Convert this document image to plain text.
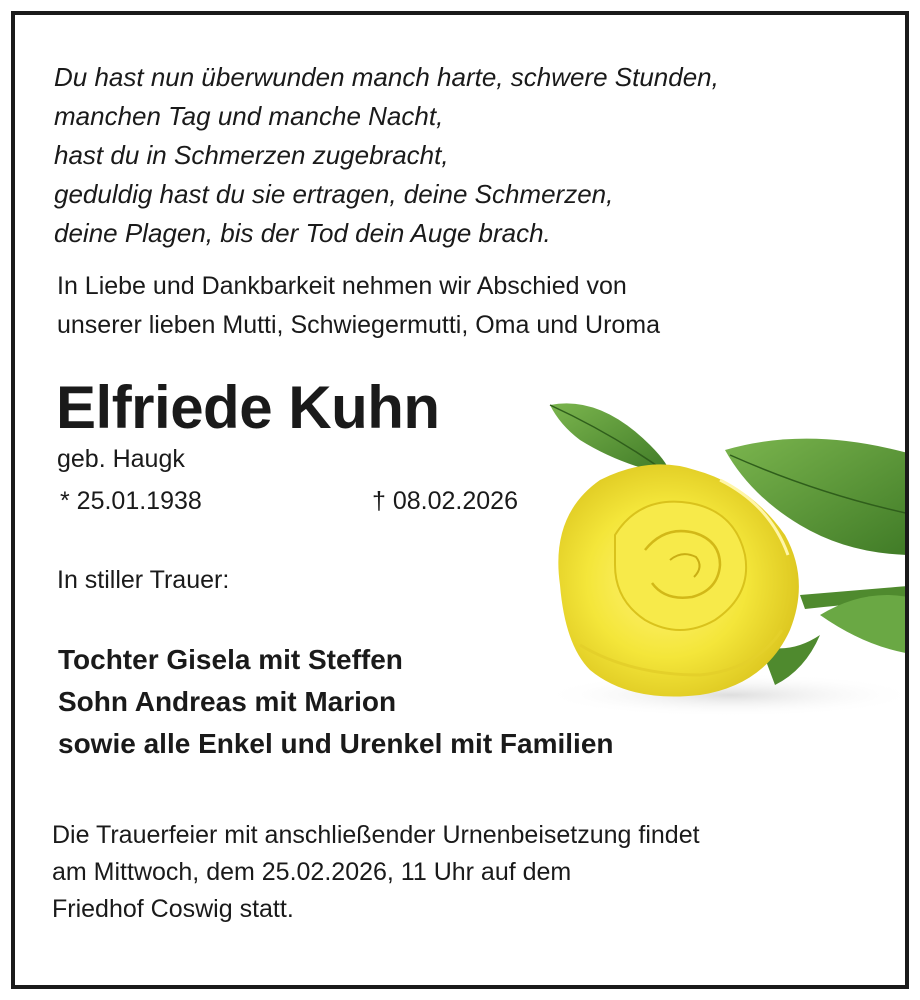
Du hast nun überwunden manch harte, schwere Stunden,
manchen Tag und manche Nacht,
hast du in Schmerzen zugebracht,
geduldig hast du sie ertragen, deine Schmerzen,
deine Plagen, bis der Tod dein Auge brach.
In Liebe und Dankbarkeit nehmen wir Abschied von
unserer lieben Mutti, Schwiegermutti, Oma und Uroma
Elfriede Kuhn
geb. Haugk
* 25.01.1938	† 08.02.2026
In stiller Trauer:
Tochter Gisela mit Steffen
Sohn Andreas mit Marion
sowie alle Enkel und Urenkel mit Familien
Die Trauerfeier mit anschließender Urnenbeisetzung findet
am Mittwoch, dem 25.02.2026, 11 Uhr auf dem
Friedhof Coswig statt.
